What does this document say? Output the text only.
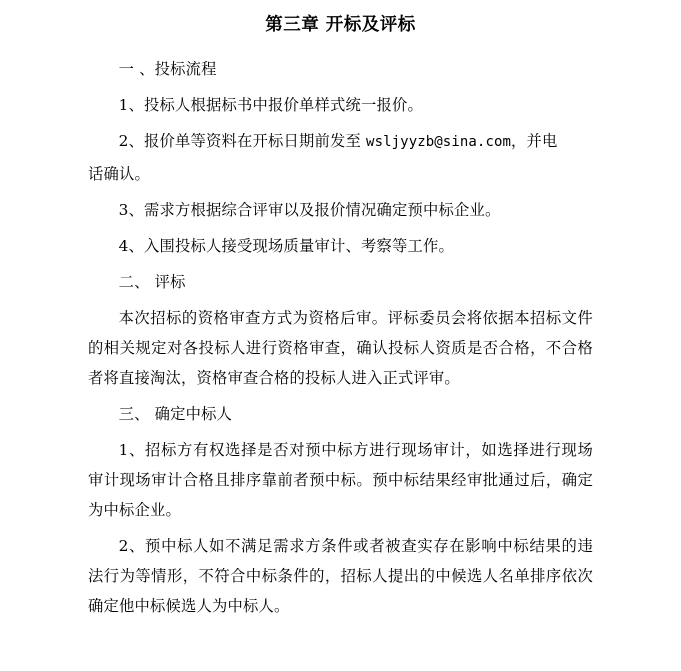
第三章 开标及评标
一 、投标流程
1、投标人根据标书中报价单样式统一报价。
2、报价单等资料在开标日期前发至 wsljyyzb@sina.com，并电
话确认。
3、需求方根据综合评审以及报价情况确定预中标企业。
4、入围投标人接受现场质量审计、考察等工作。
二、 评标
本次招标的资格审查方式为资格后审。评标委员会将依据本招标文件的相关规定对各投标人进行资格审查，确认投标人资质是否合格，不合格者将直接淘汰，资格审查合格的投标人进入正式评审。
三、 确定中标人
1、招标方有权选择是否对预中标方进行现场审计，如选择进行现场审计现场审计合格且排序靠前者预中标。预中标结果经审批通过后，确定为中标企业。
2、预中标人如不满足需求方条件或者被查实存在影响中标结果的违法行为等情形，不符合中标条件的，招标人提出的中候选人名单排序依次确定他中标候选人为中标人。
